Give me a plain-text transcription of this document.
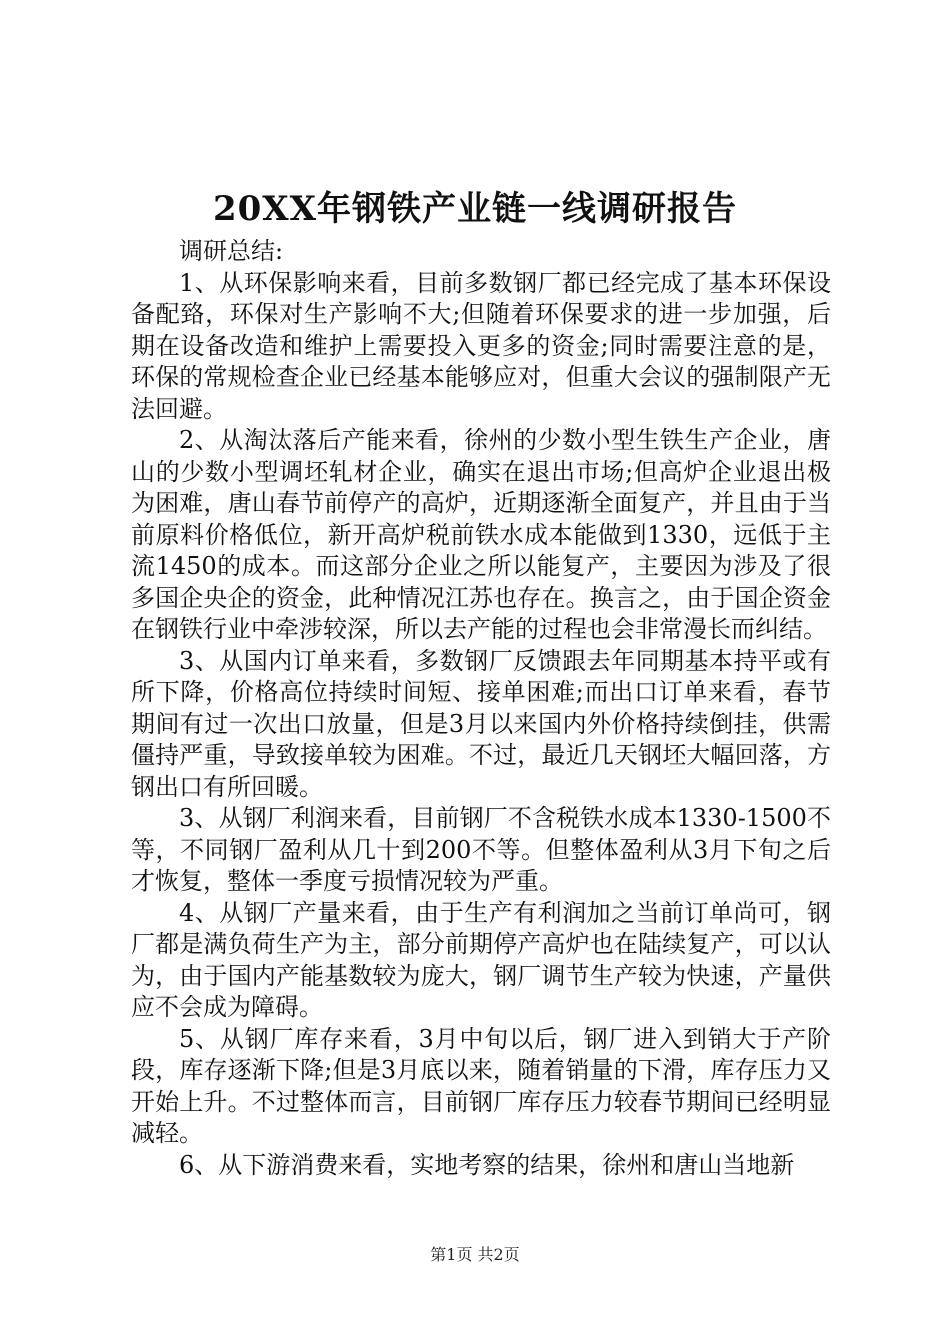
20XX年钢铁产业链一线调研报告

调研总结:

1、从环保影响来看，目前多数钢厂都已经完成了基本环保设备配臵，环保对生产影响不大;但随着环保要求的进一步加强，后期在设备改造和维护上需要投入更多的资金;同时需要注意的是，环保的常规检查企业已经基本能够应对，但重大会议的强制限产无法回避。

2、从淘汰落后产能来看，徐州的少数小型生铁生产企业，唐山的少数小型调坯轧材企业，确实在退出市场;但高炉企业退出极为困难，唐山春节前停产的高炉，近期逐渐全面复产，并且由于当前原料价格低位，新开高炉税前铁水成本能做到1330，远低于主流1450的成本。而这部分企业之所以能复产，主要因为涉及了很多国企央企的资金，此种情况江苏也存在。换言之，由于国企资金在钢铁行业中牵涉较深，所以去产能的过程也会非常漫长而纠结。

3、从国内订单来看，多数钢厂反馈跟去年同期基本持平或有所下降，价格高位持续时间短、接单困难;而出口订单来看，春节期间有过一次出口放量，但是3月以来国内外价格持续倒挂，供需僵持严重，导致接单较为困难。不过，最近几天钢坯大幅回落，方钢出口有所回暖。

3、从钢厂利润来看，目前钢厂不含税铁水成本1330-1500不等，不同钢厂盈利从几十到200不等。但整体盈利从3月下旬之后才恢复，整体一季度亏损情况较为严重。

4、从钢厂产量来看，由于生产有利润加之当前订单尚可，钢厂都是满负荷生产为主，部分前期停产高炉也在陆续复产，可以认为，由于国内产能基数较为庞大，钢厂调节生产较为快速，产量供应不会成为障碍。

5、从钢厂库存来看，3月中旬以后，钢厂进入到销大于产阶段，库存逐渐下降;但是3月底以来，随着销量的下滑，库存压力又开始上升。不过整体而言，目前钢厂库存压力较春节期间已经明显减轻。

6、从下游消费来看，实地考察的结果，徐州和唐山当地新

第1页 共2页
